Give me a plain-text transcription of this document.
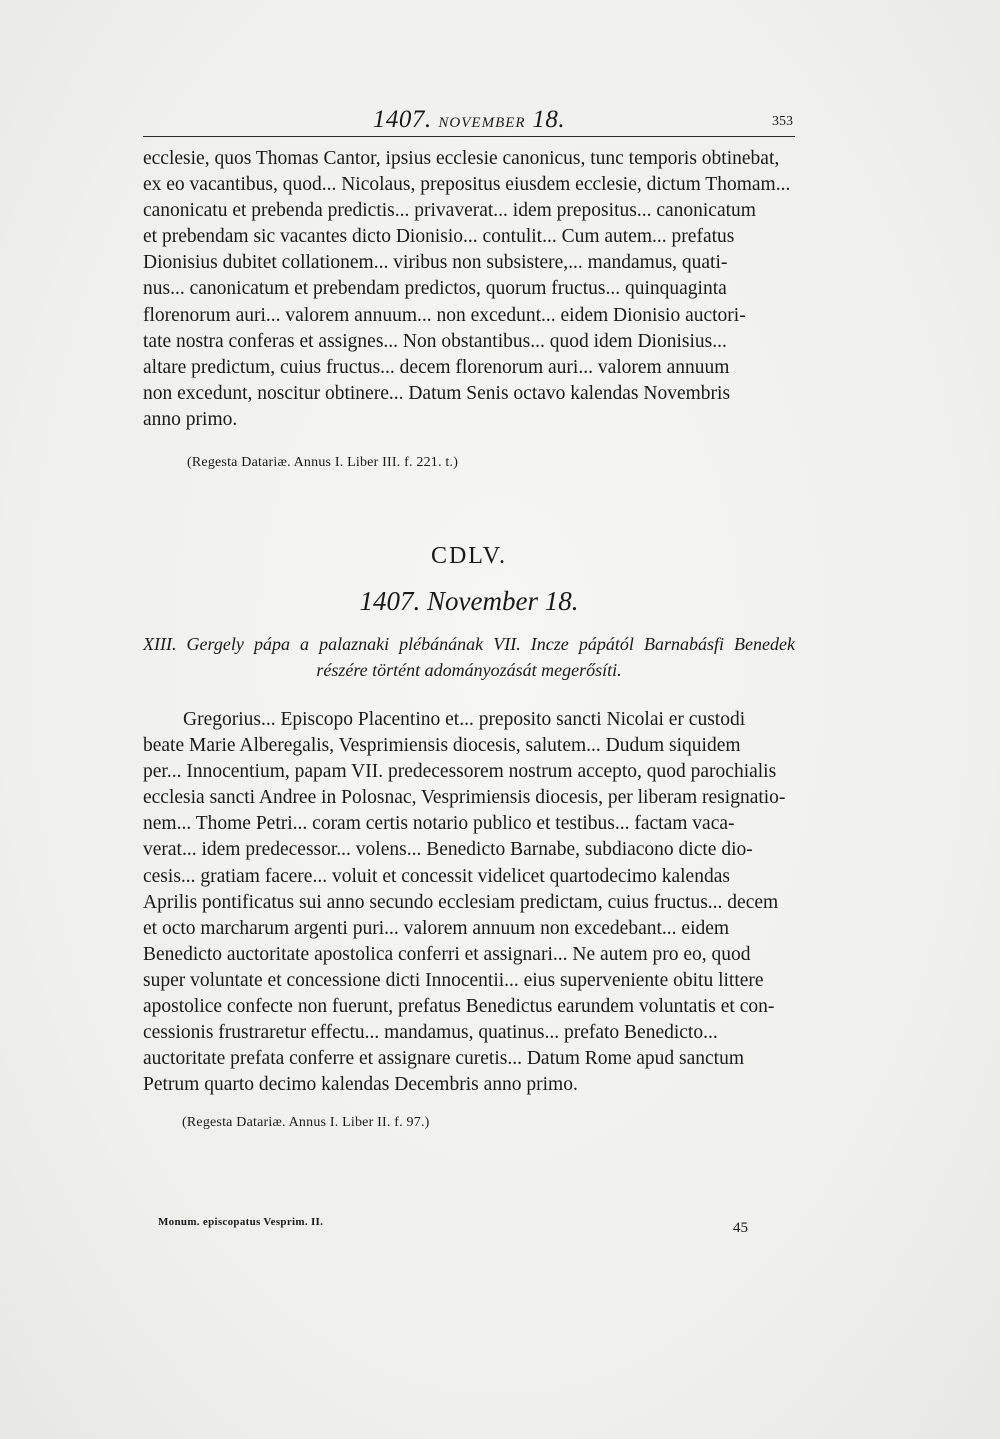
1407. NOVEMBER 18.	353

ecclesie, quos Thomas Cantor, ipsius ecclesie canonicus, tunc temporis obtinebat,

ex eo vacantibus, quod... Nicolaus, prepositus eiusdem ecclesie, dictum Thomam...

canonicatu et prebenda predictis... privaverat... idem prepositus... canonicatum

et prebendam sic vacantes dicto Dionisio... contulit... Cum autem... prefatus

Dionisius dubitet collationem... viribus non subsistere,... mandamus, quati-

nus... canonicatum et prebendam predictos, quorum fructus... quinquaginta

florenorum auri... valorem annuum... non excedunt... eidem Dionisio auctori-

tate nostra conferas et assignes... Non obstantibus... quod idem Dionisius...

altare predictum, cuius fructus... decem florenorum auri... valorem annuum

non excedunt, noscitur obtinere... Datum Senis octavo kalendas Novembris

anno primo.

(Regesta Datariæ. Annus I. Liber III. f. 221. t.)
CDLV.
1407. November 18.
XIII. Gergely pápa a palaznaki plébánának VII. Incze pápától Barnabásfi Benedek
részére történt adományozását megerősíti.

Gregorius... Episcopo Placentino et... preposito sancti Nicolai er custodi

beate Marie Alberegalis, Vesprimiensis diocesis, salutem... Dudum siquidem

per... Innocentium, papam VII. predecessorem nostrum accepto, quod parochialis

ecclesia sancti Andree in Polosnac, Vesprimiensis diocesis, per liberam resignatio-

nem... Thome Petri... coram certis notario publico et testibus... factam vaca-

verat... idem predecessor... volens... Benedicto Barnabe, subdiacono dicte dio-

cesis... gratiam facere... voluit et concessit videlicet quartodecimo kalendas

Aprilis pontificatus sui anno secundo ecclesiam predictam, cuius fructus... decem

et octo marcharum argenti puri... valorem annuum non excedebant... eidem

Benedicto auctoritate apostolica conferri et assignari... Ne autem pro eo, quod

super voluntate et concessione dicti Innocentii... eius superveniente obitu littere

apostolice confecte non fuerunt, prefatus Benedictus earundem voluntatis et con-

cessionis frustraretur effectu... mandamus, quatinus... prefato Benedicto...

auctoritate prefata conferre et assignare curetis... Datum Rome apud sanctum

Petrum quarto decimo kalendas Decembris anno primo.

(Regesta Datariæ. Annus I. Liber II. f. 97.)
Monum. episcopatus Vesprim. II.	45
